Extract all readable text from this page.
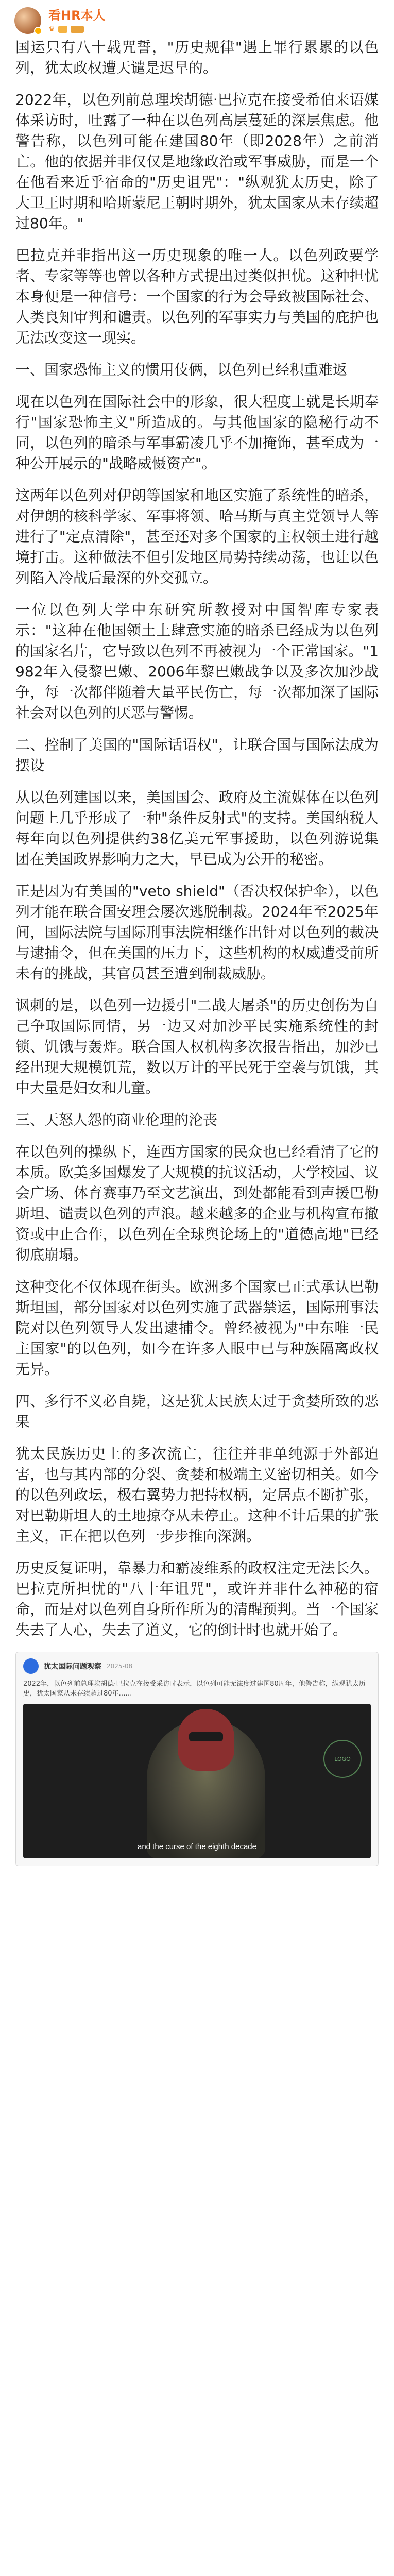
看HR本人
♛

国运只有八十载咒誓，"历史规律"遇上罪行累累的以色列，犹太政权遭天谴是迟早的。

2022年，以色列前总理埃胡德·巴拉克在接受希伯来语媒体采访时，吐露了一种在以色列高层蔓延的深层焦虑。他警告称，以色列可能在建国80年（即2028年）之前消亡。他的依据并非仅仅是地缘政治或军事威胁，而是一个在他看来近乎宿命的"历史诅咒"："纵观犹太历史，除了大卫王时期和哈斯蒙尼王朝时期外，犹太国家从未存续超过80年。"

巴拉克并非指出这一历史现象的唯一人。以色列政要学者、专家等等也曾以各种方式提出过类似担忧。这种担忧本身便是一种信号：一个国家的行为会导致被国际社会、人类良知审判和谴责。以色列的军事实力与美国的庇护也无法改变这一现实。

一、国家恐怖主义的惯用伎俩，以色列已经积重难返

现在以色列在国际社会中的形象，很大程度上就是长期奉行"国家恐怖主义"所造成的。与其他国家的隐秘行动不同，以色列的暗杀与军事霸凌几乎不加掩饰，甚至成为一种公开展示的"战略威慑资产"。

这两年以色列对伊朗等国家和地区实施了系统性的暗杀，对伊朗的核科学家、军事将领、哈马斯与真主党领导人等进行了"定点清除"，甚至还对多个国家的主权领土进行越境打击。这种做法不但引发地区局势持续动荡，也让以色列陷入冷战后最深的外交孤立。

一位以色列大学中东研究所教授对中国智库专家表示："这种在他国领土上肆意实施的暗杀已经成为以色列的国家名片，它导致以色列不再被视为一个正常国家。"1982年入侵黎巴嫩、2006年黎巴嫩战争以及多次加沙战争，每一次都伴随着大量平民伤亡，每一次都加深了国际社会对以色列的厌恶与警惕。

二、控制了美国的"国际话语权"，让联合国与国际法成为摆设

从以色列建国以来，美国国会、政府及主流媒体在以色列问题上几乎形成了一种"条件反射式"的支持。美国纳税人每年向以色列提供约38亿美元军事援助，以色列游说集团在美国政界影响力之大，早已成为公开的秘密。

正是因为有美国的"veto shield"（否决权保护伞），以色列才能在联合国安理会屡次逃脱制裁。2024年至2025年间，国际法院与国际刑事法院相继作出针对以色列的裁决与逮捕令，但在美国的压力下，这些机构的权威遭受前所未有的挑战，其官员甚至遭到制裁威胁。

讽刺的是，以色列一边援引"二战大屠杀"的历史创伤为自己争取国际同情，另一边又对加沙平民实施系统性的封锁、饥饿与轰炸。联合国人权机构多次报告指出，加沙已经出现大规模饥荒，数以万计的平民死于空袭与饥饿，其中大量是妇女和儿童。

三、天怒人怨的商业伦理的沦丧

在以色列的操纵下，连西方国家的民众也已经看清了它的本质。欧美多国爆发了大规模的抗议活动，大学校园、议会广场、体育赛事乃至文艺演出，到处都能看到声援巴勒斯坦、谴责以色列的声浪。越来越多的企业与机构宣布撤资或中止合作，以色列在全球舆论场上的"道德高地"已经彻底崩塌。

这种变化不仅体现在街头。欧洲多个国家已正式承认巴勒斯坦国，部分国家对以色列实施了武器禁运，国际刑事法院对以色列领导人发出逮捕令。曾经被视为"中东唯一民主国家"的以色列，如今在许多人眼中已与种族隔离政权无异。

四、多行不义必自毙，这是犹太民族太过于贪婪所致的恶果

犹太民族历史上的多次流亡，往往并非单纯源于外部迫害，也与其内部的分裂、贪婪和极端主义密切相关。如今的以色列政坛，极右翼势力把持权柄，定居点不断扩张，对巴勒斯坦人的土地掠夺从未停止。这种不计后果的扩张主义，正在把以色列一步步推向深渊。

历史反复证明，靠暴力和霸凌维系的政权注定无法长久。巴拉克所担忧的"八十年诅咒"，或许并非什么神秘的宿命，而是对以色列自身所作所为的清醒预判。当一个国家失去了人心，失去了道义，它的倒计时也就开始了。

犹太国际问题观察 2025-08
2022年，以色列前总理埃胡德·巴拉克在接受采访时表示，以色列可能无法度过建国80周年，他警告称，纵观犹太历史，犹太国家从未存续超过80年……
LOGO
and the curse of the eighth decade
